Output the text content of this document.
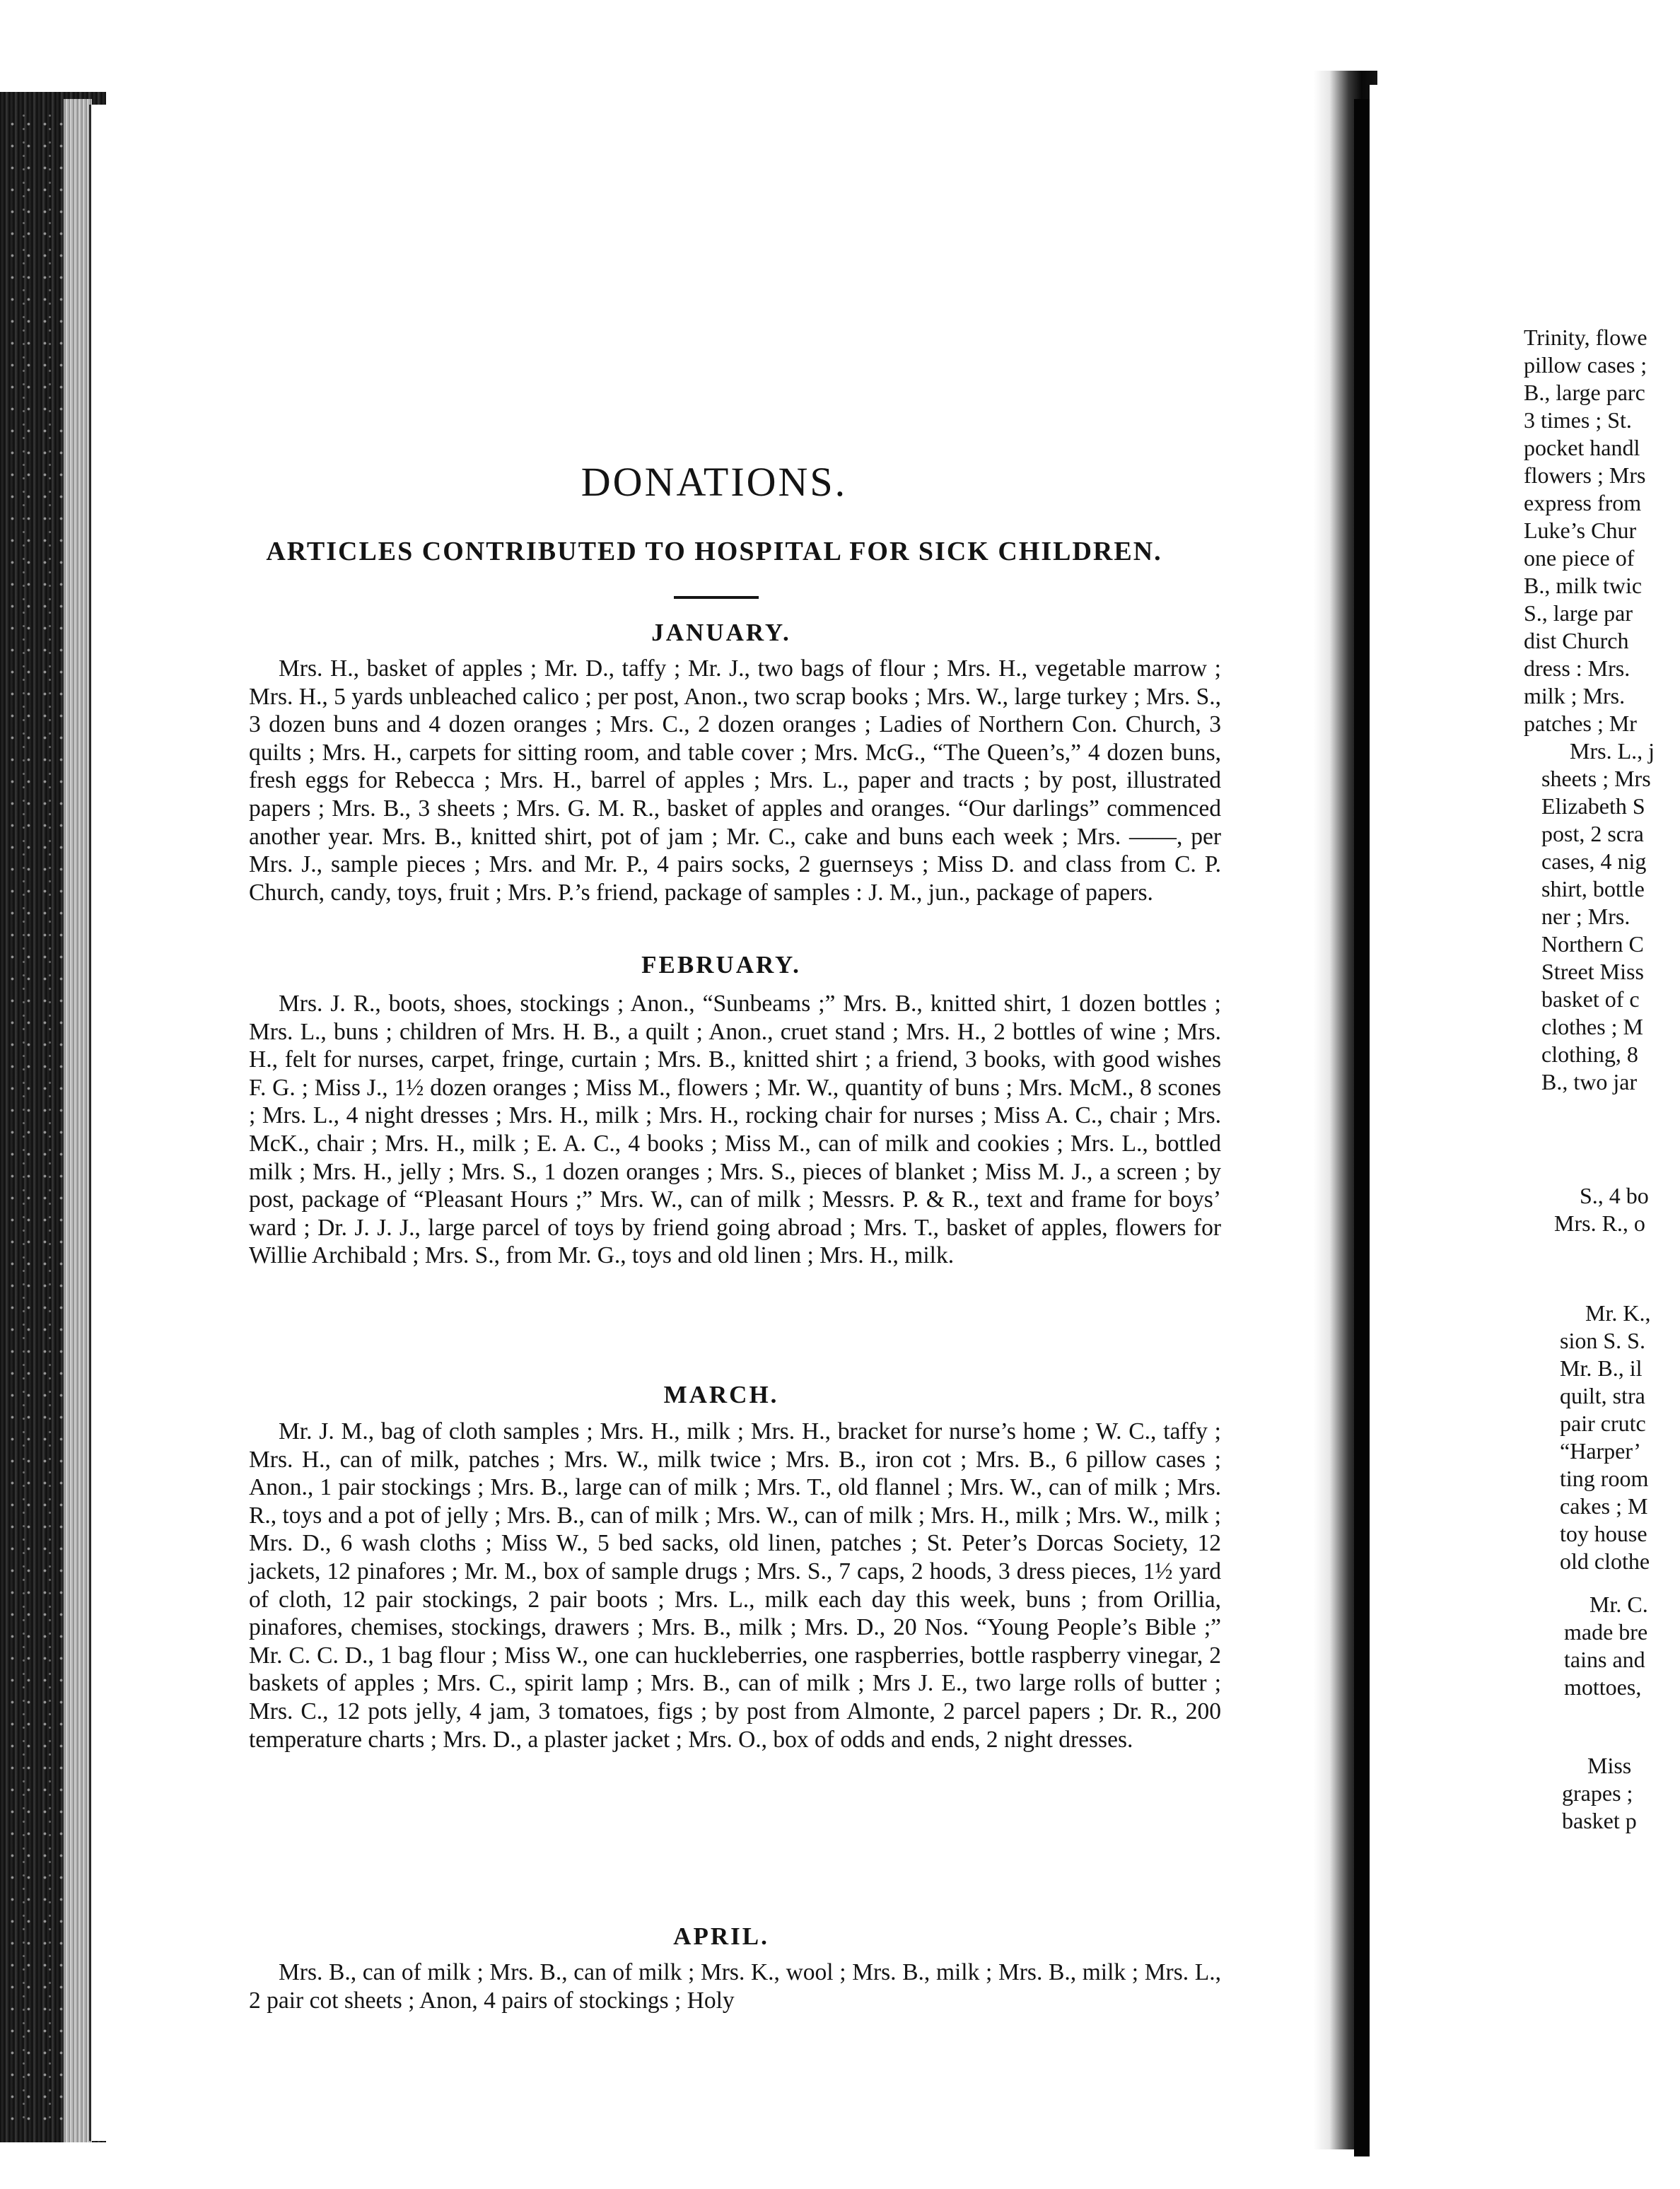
DONATIONS.
ARTICLES CONTRIBUTED TO HOSPITAL FOR SICK CHILDREN.
JANUARY.

Mrs. H., basket of apples ; Mr. D., taffy ; Mr. J., two bags of flour ; Mrs. H., vegetable marrow ; Mrs. H., 5 yards unbleached calico ; per post, Anon., two scrap books ; Mrs. W., large turkey ; Mrs. S., 3 dozen buns and 4 dozen oranges ; Mrs. C., 2 dozen oranges ; Ladies of Northern Con. Church, 3 quilts ; Mrs. H., carpets for sitting room, and table cover ; Mrs. McG., “The Queen’s,” 4 dozen buns, fresh eggs for Rebecca ; Mrs. H., barrel of apples ; Mrs. L., paper and tracts ; by post, illustrated papers ; Mrs. B., 3 sheets ; Mrs. G. M. R., basket of apples and oranges. “Our darlings” commenced another year. Mrs. B., knitted shirt, pot of jam ; Mr. C., cake and buns each week ; Mrs. ——, per Mrs. J., sample pieces ; Mrs. and Mr. P., 4 pairs socks, 2 guernseys ; Miss D. and class from C. P. Church, candy, toys, fruit ; Mrs. P.’s friend, package of samples : J. M., jun., package of papers.

FEBRUARY.

Mrs. J. R., boots, shoes, stockings ; Anon., “Sunbeams ;” Mrs. B., knitted shirt, 1 dozen bottles ; Mrs. L., buns ; children of Mrs. H. B., a quilt ; Anon., cruet stand ; Mrs. H., 2 bottles of wine ; Mrs. H., felt for nurses, carpet, fringe, curtain ; Mrs. B., knitted shirt ; a friend, 3 books, with good wishes F. G. ; Miss J., 1½ dozen oranges ; Miss M., flowers ; Mr. W., quantity of buns ; Mrs. McM., 8 scones ; Mrs. L., 4 night dresses ; Mrs. H., milk ; Mrs. H., rocking chair for nurses ; Miss A. C., chair ; Mrs. McK., chair ; Mrs. H., milk ; E. A. C., 4 books ; Miss M., can of milk and cookies ; Mrs. L., bottled milk ; Mrs. H., jelly ; Mrs. S., 1 dozen oranges ; Mrs. S., pieces of blanket ; Miss M. J., a screen ; by post, package of “Pleasant Hours ;” Mrs. W., can of milk ; Messrs. P. & R., text and frame for boys’ ward ; Dr. J. J. J., large parcel of toys by friend going abroad ; Mrs. T., basket of apples, flowers for Willie Archibald ; Mrs. S., from Mr. G., toys and old linen ; Mrs. H., milk.

MARCH.

Mr. J. M., bag of cloth samples ; Mrs. H., milk ; Mrs. H., bracket for nurse’s home ; W. C., taffy ; Mrs. H., can of milk, patches ; Mrs. W., milk twice ; Mrs. B., iron cot ; Mrs. B., 6 pillow cases ; Anon., 1 pair stockings ; Mrs. B., large can of milk ; Mrs. T., old flannel ; Mrs. W., can of milk ; Mrs. R., toys and a pot of jelly ; Mrs. B., can of milk ; Mrs. W., can of milk ; Mrs. H., milk ; Mrs. W., milk ; Mrs. D., 6 wash cloths ; Miss W., 5 bed sacks, old linen, patches ; St. Peter’s Dorcas Society, 12 jackets, 12 pinafores ; Mr. M., box of sample drugs ; Mrs. S., 7 caps, 2 hoods, 3 dress pieces, 1½ yard of cloth, 12 pair stockings, 2 pair boots ; Mrs. L., milk each day this week, buns ; from Orillia, pinafores, chemises, stockings, drawers ; Mrs. B., milk ; Mrs. D., 20 Nos. “Young People’s Bible ;” Mr. C. C. D., 1 bag flour ; Miss W., one can huckleberries, one raspberries, bottle raspberry vinegar, 2 baskets of apples ; Mrs. C., spirit lamp ; Mrs. B., can of milk ; Mrs J. E., two large rolls of butter ; Mrs. C., 12 pots jelly, 4 jam, 3 tomatoes, figs ; by post from Almonte, 2 parcel papers ; Dr. R., 200 temperature charts ; Mrs. D., a plaster jacket ; Mrs. O., box of odds and ends, 2 night dresses.

APRIL.

Mrs. B., can of milk ; Mrs. B., can of milk ; Mrs. K., wool ; Mrs. B., milk ; Mrs. B., milk ; Mrs. L., 2 pair cot sheets ; Anon, 4 pairs of stockings ; Holy

Trinity, flowe

pillow cases ;

B., large parc

3 times ; St.

pocket handl

flowers ; Mrs

express from

Luke’s Chur

one piece of

B., milk twic

S., large par

dist Church

dress : Mrs.

milk ; Mrs.

patches ; Mr

Mrs. L., j

sheets ; Mrs

Elizabeth S

post, 2 scra

cases, 4 nig

shirt, bottle

ner ; Mrs.

Northern C

Street Miss

basket of c

clothes ; M

clothing, 8

B., two jar

S., 4 bo

Mrs. R., o

Mr. K.,

sion S. S.

Mr. B., il

quilt, stra

pair crutc

“Harper’

ting room

cakes ; M

toy house

old clothe

Mr. C.

made bre

tains and

mottoes,

Miss

grapes ;

basket p
